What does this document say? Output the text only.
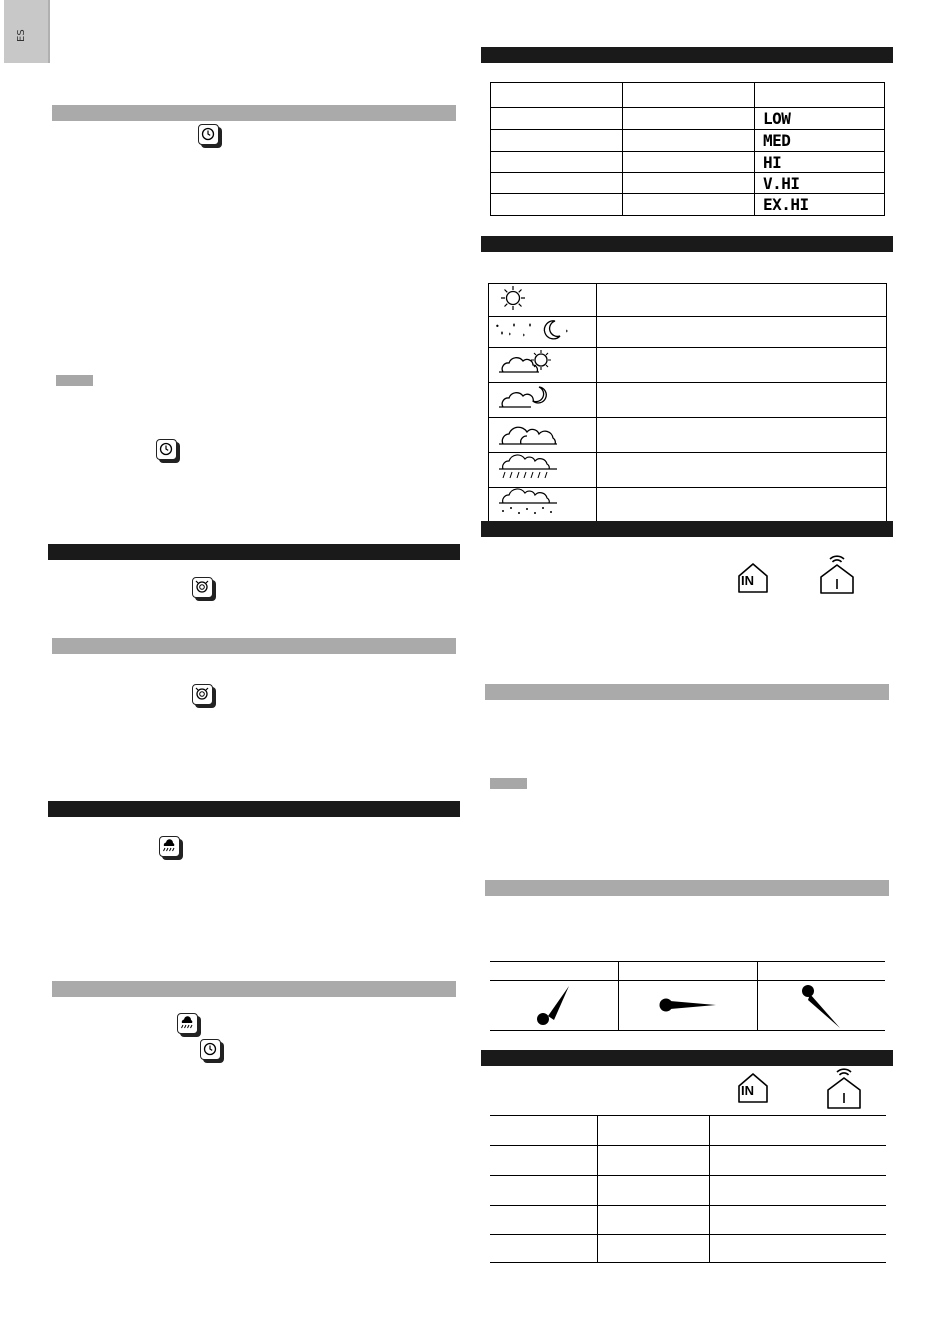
ES

		LOW
		MED
		HI
		V.HI
		EX.HI

•	

IN
IN
